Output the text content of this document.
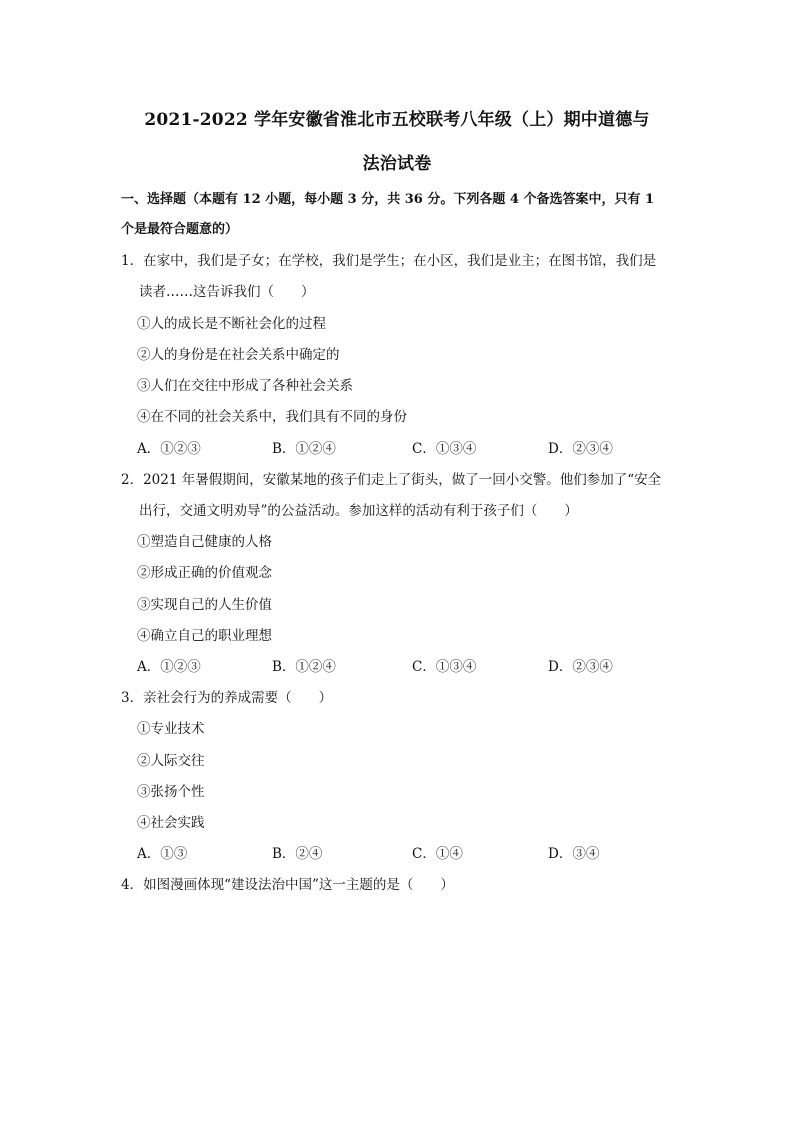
2021-2022 学年安徽省淮北市五校联考八年级（上）期中道德与
法治试卷
一、选择题（本题有 12 小题，每小题 3 分，共 36 分。下列各题 4 个备选答案中，只有 1
个是最符合题意的）
1．在家中，我们是子女；在学校，我们是学生；在小区，我们是业主；在图书馆，我们是
读者……这告诉我们（　　）
①人的成长是不断社会化的过程
②人的身份是在社会关系中确定的
③人们在交往中形成了各种社会关系
④在不同的社会关系中，我们具有不同的身份
A．①②③	B．①②④	C．①③④	D．②③④
2．2021 年暑假期间，安徽某地的孩子们走上了街头，做了一回小交警。他们参加了“安全
出行，交通文明劝导”的公益活动。参加这样的活动有利于孩子们（　　）
①塑造自己健康的人格
②形成正确的价值观念
③实现自己的人生价值
④确立自己的职业理想
A．①②③	B．①②④	C．①③④	D．②③④
3．亲社会行为的养成需要（　　）
①专业技术
②人际交往
③张扬个性
④社会实践
A．①③	B．②④	C．①④	D．③④
4．如图漫画体现“建设法治中国”这一主题的是（　　）
